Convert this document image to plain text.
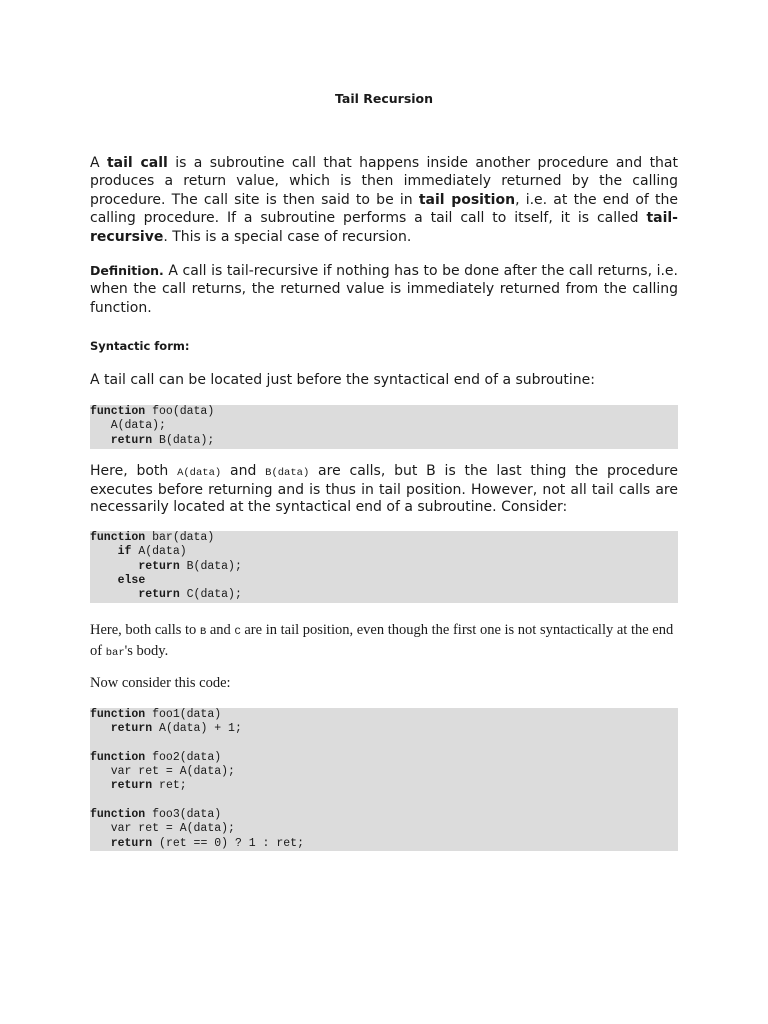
Tail Recursion

A tail call is a subroutine call that happens inside another procedure and that produces a return value, which is then immediately returned by the calling procedure. The call site is then said to be in tail position, i.e. at the end of the calling procedure. If a subroutine performs a tail call to itself, it is called tail-recursive. This is a special case of recursion.

Definition. A call is tail-recursive if nothing has to be done after the call returns, i.e. when the call returns, the returned value is immediately returned from the calling function.

Syntactic form:

A tail call can be located just before the syntactical end of a subroutine:

function foo(data)
A(data);
return B(data);

Here, both A(data) and B(data) are calls, but B is the last thing the procedure executes before returning and is thus in tail position. However, not all tail calls are necessarily located at the syntactical end of a subroutine. Consider:

function bar(data)
if A(data)
return B(data);
else
return C(data);

Here, both calls to B and C are in tail position, even though the first one is not syntactically at the end of bar's body.

Now consider this code:

function foo1(data)
return A(data) + 1;

function foo2(data)
var ret = A(data);
return ret;

function foo3(data)
var ret = A(data);
return (ret == 0) ? 1 : ret;
